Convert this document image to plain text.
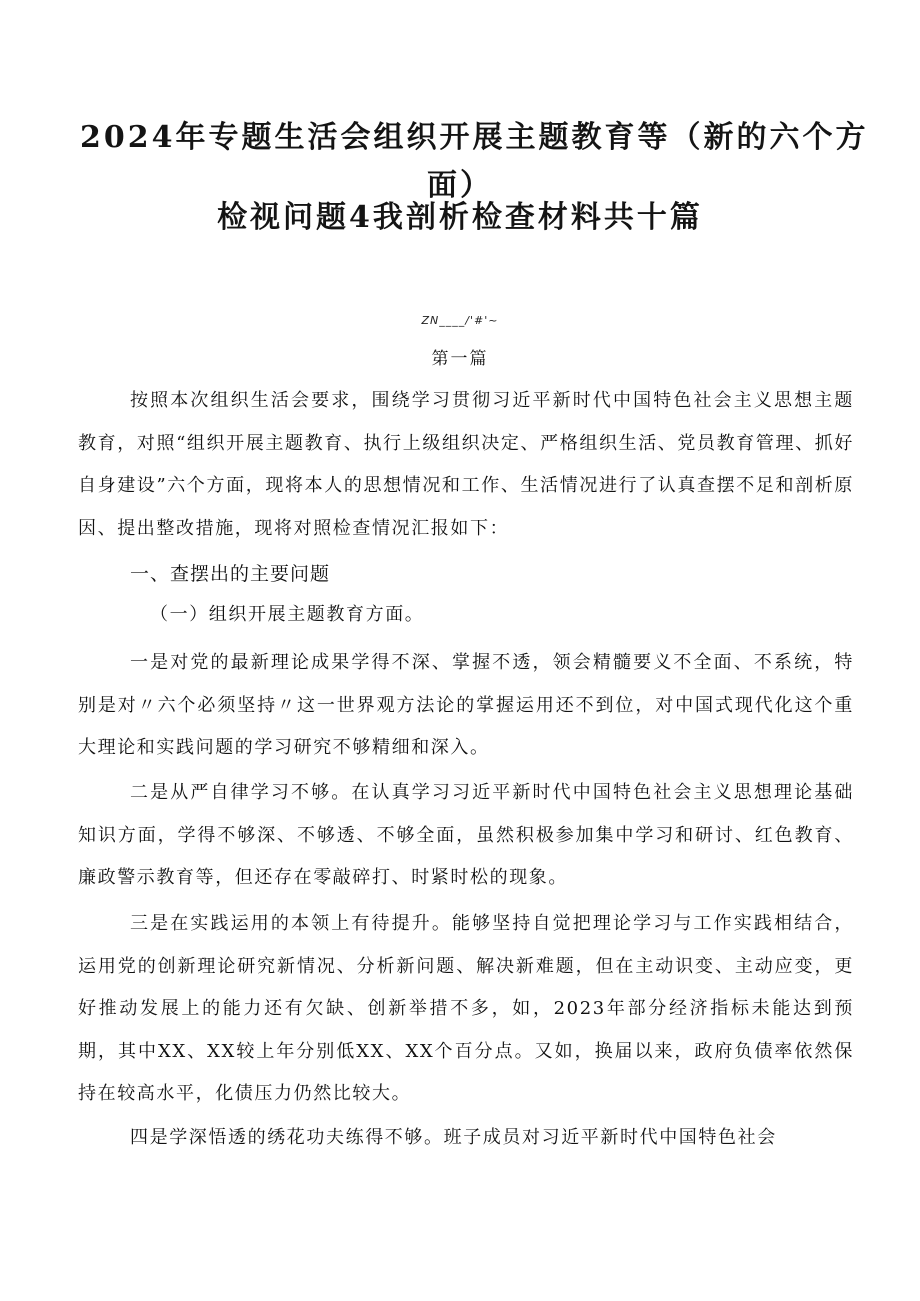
2024年专题生活会组织开展主题教育等（新的六个方
面）
检视问题4我剖析检查材料共十篇
ZN____/'#'~
第一篇
按照本次组织生活会要求，围绕学习贯彻习近平新时代中国特色社会主义思想主题教育，对照“组织开展主题教育、执行上级组织决定、严格组织生活、党员教育管理、抓好自身建设”六个方面，现将本人的思想情况和工作、生活情况进行了认真查摆不足和剖析原因、提出整改措施，现将对照检查情况汇报如下：
一、查摆出的主要问题
（一）组织开展主题教育方面。
一是对党的最新理论成果学得不深、掌握不透，领会精髓要义不全面、不系统，特别是对〃六个必须坚持〃这一世界观方法论的掌握运用还不到位，对中国式现代化这个重大理论和实践问题的学习研究不够精细和深入。
二是从严自律学习不够。在认真学习习近平新时代中国特色社会主义思想理论基础知识方面，学得不够深、不够透、不够全面，虽然积极参加集中学习和研讨、红色教育、廉政警示教育等，但还存在零敲碎打、时紧时松的现象。
三是在实践运用的本领上有待提升。能够坚持自觉把理论学习与工作实践相结合，运用党的创新理论研究新情况、分析新问题、解决新难题，但在主动识变、主动应变，更好推动发展上的能力还有欠缺、创新举措不多，如，2023年部分经济指标未能达到预期，其中XX、XX较上年分别低XX、XX个百分点。又如，换届以来，政府负债率依然保持在较高水平，化债压力仍然比较大。
四是学深悟透的绣花功夫练得不够。班子成员对习近平新时代中国特色社会
